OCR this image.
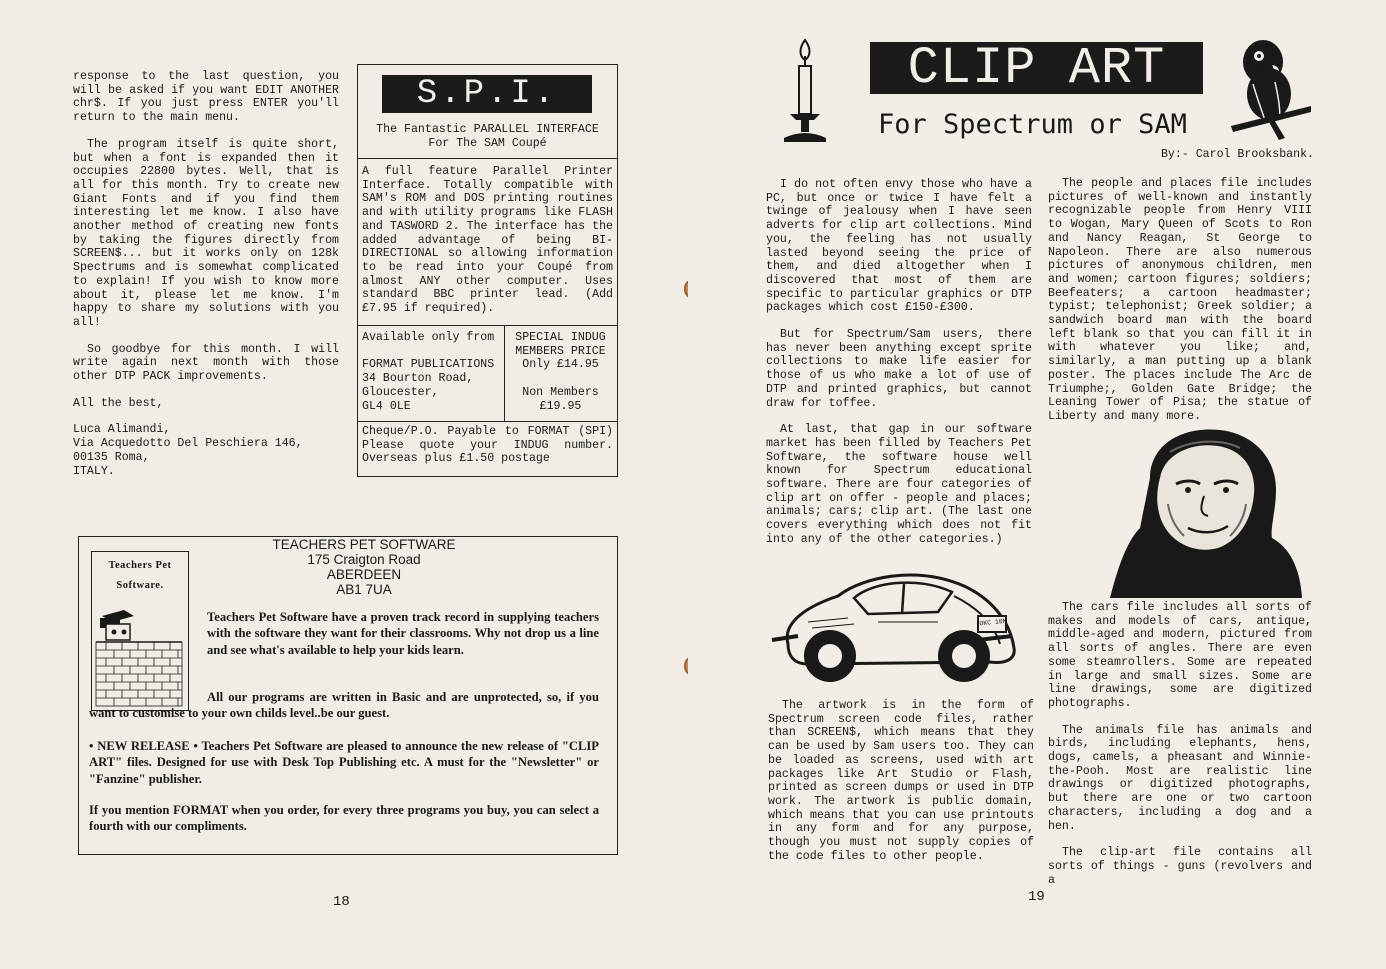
response to the last question, you will be asked if you want EDIT ANOTHER chr$. If you just press ENTER you'll return to the main menu.

The program itself is quite short, but when a font is expanded then it occupies 22800 bytes. Well, that is all for this month. Try to create new Giant Fonts and if you find them interesting let me know. I also have another method of creating new fonts by taking the figures directly from SCREEN$... but it works only on 128k Spectrums and is somewhat complicated to explain! If you wish to know more about it, please let me know. I'm happy to share my solutions with you all!

So goodbye for this month. I will write again next month with those other DTP PACK improvements.

All the best,

Luca Alimandi,
Via Acquedotto Del Peschiera 146,
00135 Roma,
ITALY.
S.P.I.
The Fantastic PARALLEL INTERFACE
For The SAM Coupé
A full feature Parallel Printer Interface. Totally compatible with SAM's ROM and DOS printing routines and with utility programs like FLASH and TASWORD 2. The interface has the added advantage of being BI-DIRECTIONAL so allowing information to be read into your Coupé from almost ANY other computer. Uses standard BBC printer lead. (Add £7.95 if required).
Available only from
FORMAT PUBLICATIONS
34 Bourton Road,
Gloucester,
GL4 0LE
SPECIAL INDUG
MEMBERS PRICE
Only £14.95
Non Members
£19.95
Cheque/P.O. Payable to FORMAT (SPI) Please quote your INDUG number. Overseas plus £1.50 postage
TEACHERS PET SOFTWARE
175 Craigton Road
ABERDEEN
AB1 7UA
Teachers Pet
Software.
Teachers Pet Software have a proven track record in supplying teachers with the software they want for their classrooms. Why not drop us a line and see what's available to help your kids learn.
All our programs are written in Basic and are unprotected, so, if you want to customise to your own childs level..be our guest.
• NEW RELEASE • Teachers Pet Software are pleased to announce the new release of "CLIP ART" files. Designed for use with Desk Top Publishing etc. A must for the "Newsletter" or "Fanzine" publisher.
If you mention FORMAT when you order, for every three programs you buy, you can select a fourth with our compliments.
18
CLIP ART
For Spectrum or SAM
By:- Carol Brooksbank.

I do not often envy those who have a PC, but once or twice I have felt a twinge of jealousy when I have seen adverts for clip art collections. Mind you, the feeling has not usually lasted beyond seeing the price of them, and died altogether when I discovered that most of them are specific to particular graphics or DTP packages which cost £150-£300.

But for Spectrum/Sam users, there has never been anything except sprite collections to make life easier for those of us who make a lot of use of DTP and printed graphics, but cannot draw for toffee.

At last, that gap in our software market has been filled by Teachers Pet Software, the software house well known for Spectrum educational software. There are four categories of clip art on offer - people and places; animals; cars; clip art. (The last one covers everything which does not fit into any of the other categories.)

OKC 10M

The artwork is in the form of Spectrum screen code files, rather than SCREEN$, which means that they can be used by Sam users too. They can be loaded as screens, used with art packages like Art Studio or Flash, printed as screen dumps or used in DTP work. The artwork is public domain, which means that you can use printouts in any form and for any purpose, though you must not supply copies of the code files to other people.

The people and places file includes pictures of well-known and instantly recognizable people from Henry VIII to Wogan, Mary Queen of Scots to Ron and Nancy Reagan, St George to Napoleon. There are also numerous pictures of anonymous children, men and women; cartoon figures; soldiers; Beefeaters; a cartoon headmaster; typist; telephonist; Greek soldier; a sandwich board man with the board left blank so that you can fill it in with whatever you like; and, similarly, a man putting up a blank poster. The places include The Arc de Triumphe;, Golden Gate Bridge; the Leaning Tower of Pisa; the statue of Liberty and many more.

The cars file includes all sorts of makes and models of cars, antique, middle-aged and modern, pictured from all sorts of angles. There are even some steamrollers. Some are repeated in large and small sizes. Some are line drawings, some are digitized photographs.

The animals file has animals and birds, including elephants, hens, dogs, camels, a pheasant and Winnie-the-Pooh. Most are realistic line drawings or digitized photographs, but there are one or two cartoon characters, including a dog and a hen.

The clip-art file contains all sorts of things - guns (revolvers and a

19
